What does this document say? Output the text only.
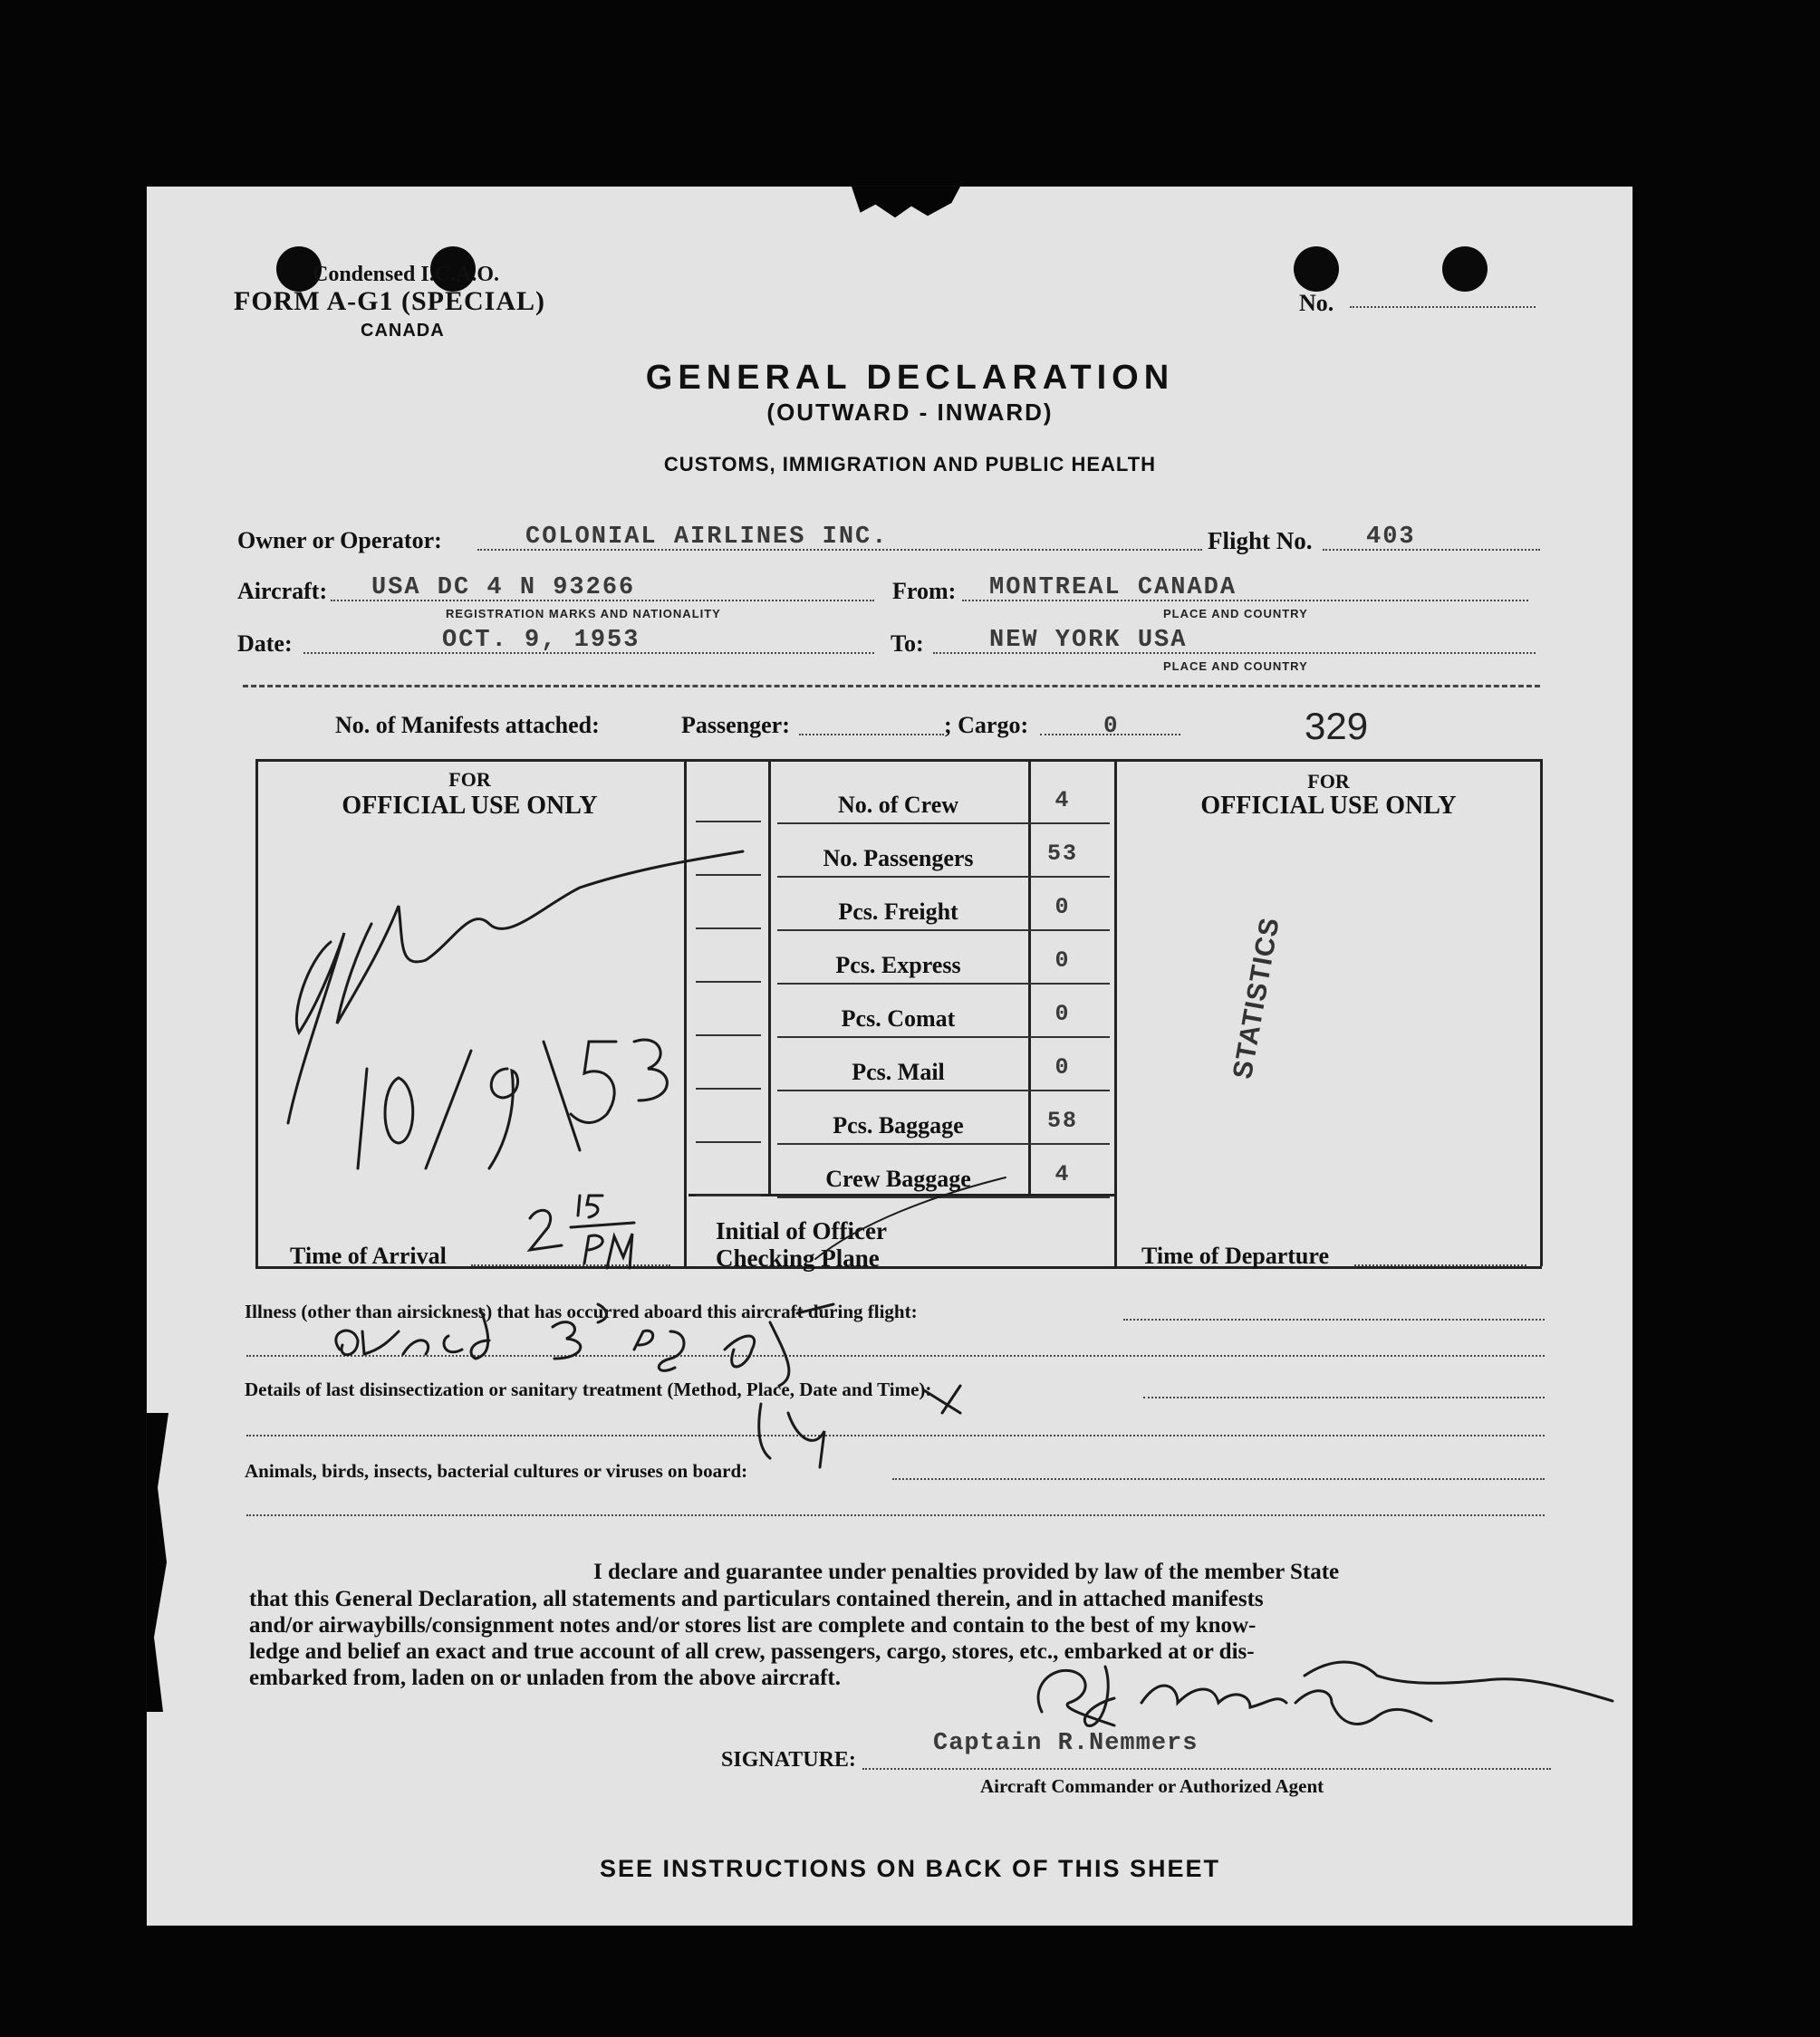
Condensed I.C.A.O.
FORM A-G1 (SPECIAL)
CANADA
No.
GENERAL DECLARATION
(OUTWARD - INWARD)
CUSTOMS, IMMIGRATION AND PUBLIC HEALTH
Owner or Operator:	COLONIAL AIRLINES INC.	Flight No. 403
Aircraft: USA DC 4 N 93266
REGISTRATION MARKS AND NATIONALITY
From: MONTREAL CANADA
PLACE AND COUNTRY
Date:	OCT. 9, 1953	To:	NEW YORK USA
PLACE AND COUNTRY
No. of Manifests attached:	Passenger:	; Cargo:	0	329
FOR
OFFICIAL USE ONLY
Time of Arrival
FOR
OFFICIAL USE ONLY
Time of Departure
STATISTICS
No. of Crew	4
No. Passengers	53
Pcs. Freight	0
Pcs. Express	0
Pcs. Comat	0
Pcs. Mail	0
Pcs. Baggage	58
Crew Baggage	4
Initial of Officer
Checking Plane
Illness (other than airsickness) that has occurred aboard this aircraft during flight:
Details of last disinsectization or sanitary treatment (Method, Place, Date and Time):
Animals, birds, insects, bacterial cultures or viruses on board:
I declare and guarantee under penalties provided by law of the member State
that this General Declaration, all statements and particulars contained therein, and in attached manifests
and/or airwaybills/consignment notes and/or stores list are complete and contain to the best of my know-
ledge and belief an exact and true account of all crew, passengers, cargo, stores, etc., embarked at or dis-
embarked from, laden on or unladen from the above aircraft.
Captain R.Nemmers
SIGNATURE:
Aircraft Commander or Authorized Agent
SEE INSTRUCTIONS ON BACK OF THIS SHEET
